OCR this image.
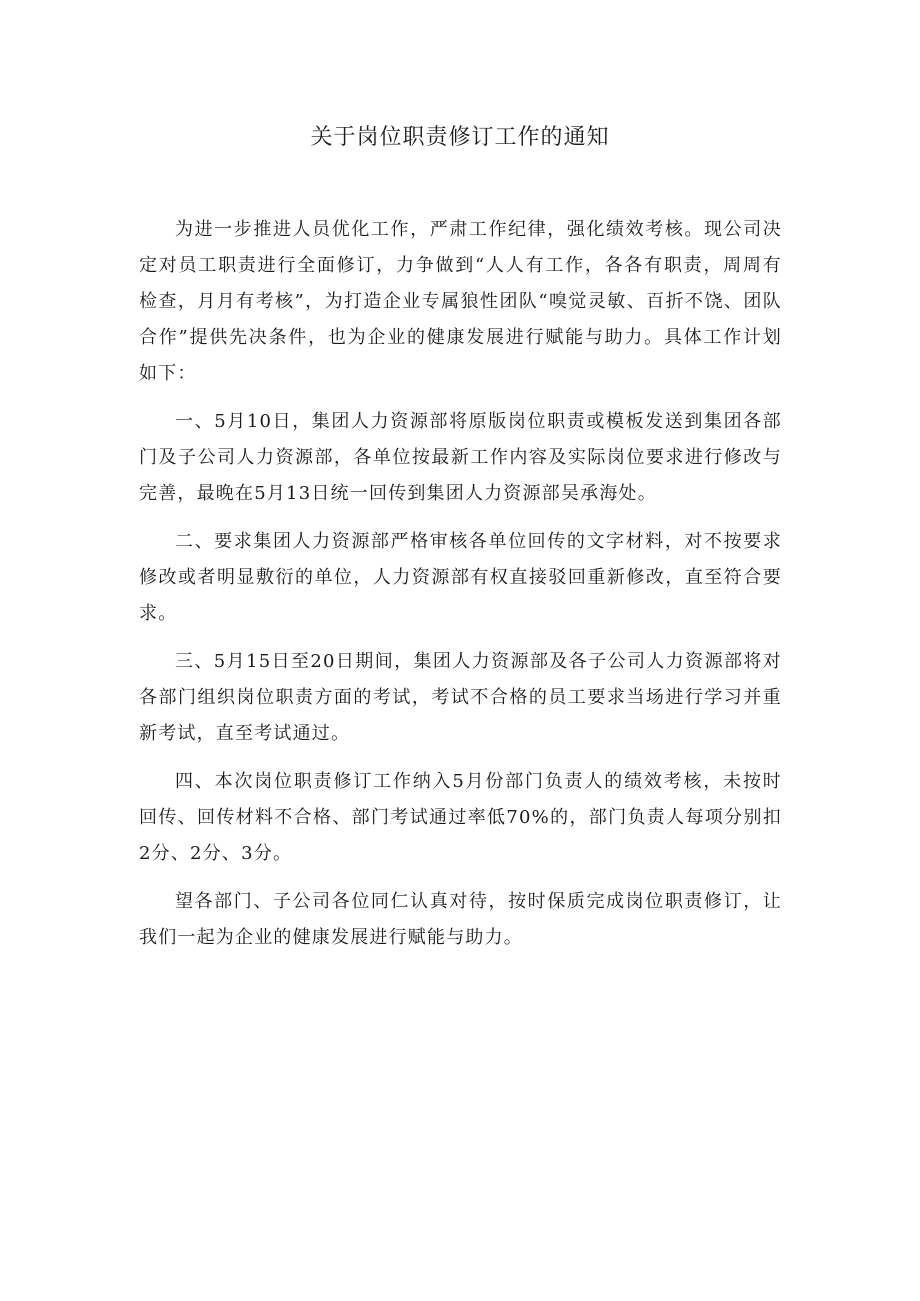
关于岗位职责修订工作的通知

为进一步推进人员优化工作，严肃工作纪律，强化绩效考核。现公司决定对员工职责进行全面修订，力争做到“人人有工作，各各有职责，周周有检查，月月有考核”，为打造企业专属狼性团队“嗅觉灵敏、百折不饶、团队合作”提供先决条件，也为企业的健康发展进行赋能与助力。具体工作计划如下：

一、5月10日，集团人力资源部将原版岗位职责或模板发送到集团各部门及子公司人力资源部，各单位按最新工作内容及实际岗位要求进行修改与完善，最晚在5月13日统一回传到集团人力资源部吴承海处。

二、要求集团人力资源部严格审核各单位回传的文字材料，对不按要求修改或者明显敷衍的单位，人力资源部有权直接驳回重新修改，直至符合要求。

三、5月15日至20日期间，集团人力资源部及各子公司人力资源部将对各部门组织岗位职责方面的考试，考试不合格的员工要求当场进行学习并重新考试，直至考试通过。

四、本次岗位职责修订工作纳入5月份部门负责人的绩效考核，未按时回传、回传材料不合格、部门考试通过率低70%的，部门负责人每项分别扣2分、2分、3分。

望各部门、子公司各位同仁认真对待，按时保质完成岗位职责修订，让我们一起为企业的健康发展进行赋能与助力。
